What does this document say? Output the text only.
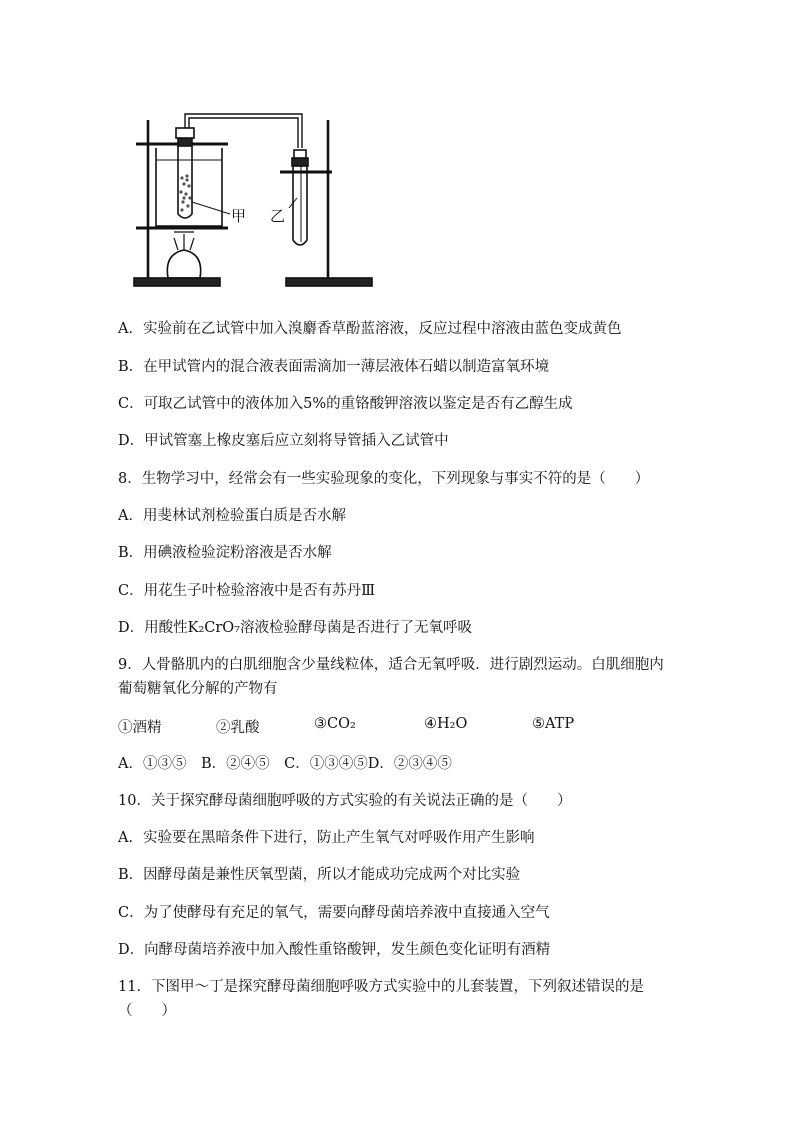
甲 乙
A．实验前在乙试管中加入溴麝香草酚蓝溶液，反应过程中溶液由蓝色变成黄色
B．在甲试管内的混合液表面需滴加一薄层液体石蜡以制造富氧环境
C．可取乙试管中的液体加入5%的重铬酸钾溶液以鉴定是否有乙醇生成
D．甲试管塞上橡皮塞后应立刻将导管插入乙试管中
8．生物学习中，经常会有一些实验现象的变化，下列现象与事实不符的是（　　）
A．用斐林试剂检验蛋白质是否水解
B．用碘液检验淀粉溶液是否水解
C．用花生子叶检验溶液中是否有苏丹Ⅲ
D．用酸性K₂CrO₇溶液检验酵母菌是否进行了无氧呼吸
9．人骨骼肌内的白肌细胞含少量线粒体，适合无氧呼吸．进行剧烈运动。白肌细胞内
葡萄糖氧化分解的产物有
①酒精	②乳酸	③CO₂	④H₂O	⑤ATP
A．①③⑤　B．②④⑤　C．①③④⑤D．②③④⑤
10．关于探究酵母菌细胞呼吸的方式实验的有关说法正确的是（　　）
A．实验要在黑暗条件下进行，防止产生氧气对呼吸作用产生影响
B．因酵母菌是兼性厌氧型菌，所以才能成功完成两个对比实验
C．为了使酵母有充足的氧气，需要向酵母菌培养液中直接通入空气
D．向酵母菌培养液中加入酸性重铬酸钾，发生颜色变化证明有酒精
11．下图甲～丁是探究酵母菌细胞呼吸方式实验中的儿套装置，下列叙述错误的是
（　　）
